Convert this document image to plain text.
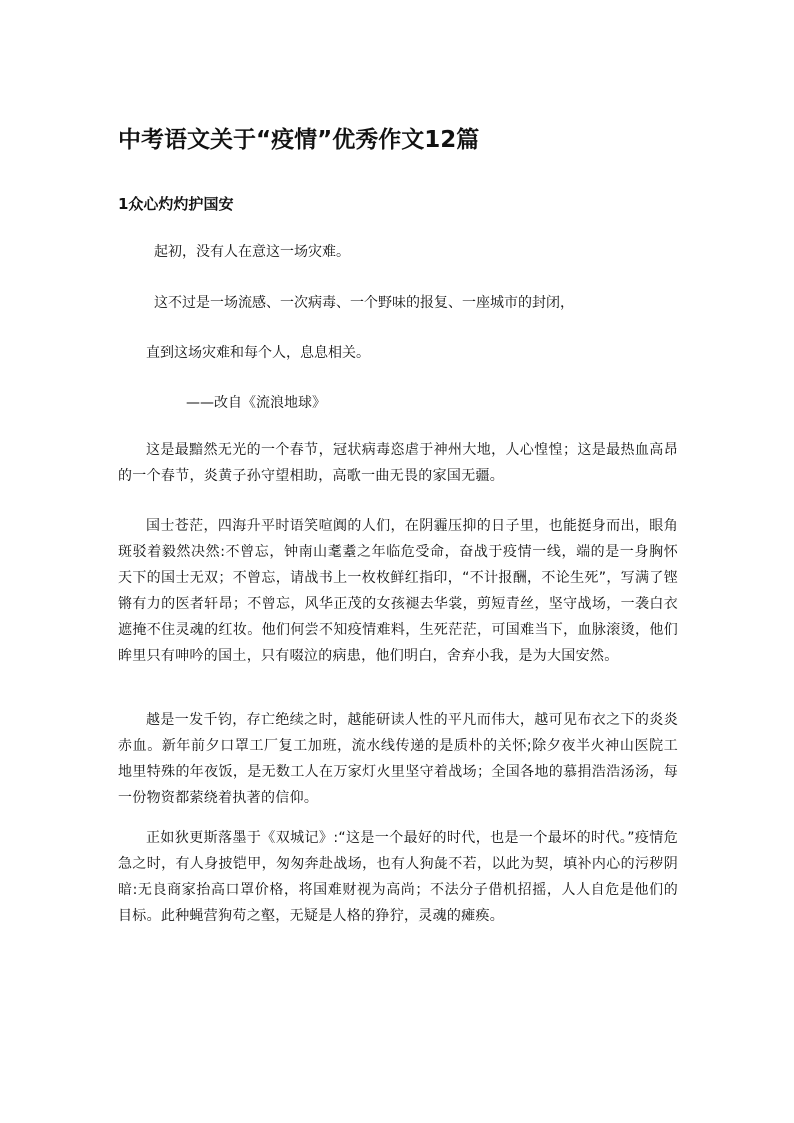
中考语文关于“疫情”优秀作文12篇
1众心灼灼护国安

起初，没有人在意这一场灾难。

这不过是一场流感、一次病毒、一个野味的报复、一座城市的封闭，

直到这场灾难和每个人，息息相关。

——改自《流浪地球》

这是最黯然无光的一个春节，冠状病毒恣虐于神州大地，人心惶惶；这是最热血高昂的一个春节，炎黄子孙守望相助，高歌一曲无畏的家国无疆。

国士苍茫，四海升平时语笑喧阗的人们，在阴霾压抑的日子里，也能挺身而出，眼角斑驳着毅然决然:不曾忘，钟南山耄耋之年临危受命，奋战于疫情一线，端的是一身胸怀天下的国士无双；不曾忘，请战书上一枚枚鲜红指印，“不计报酬，不论生死”，写满了铿锵有力的医者轩昂；不曾忘，风华正茂的女孩褪去华裳，剪短青丝，坚守战场，一袭白衣遮掩不住灵魂的红妆。他们何尝不知疫情难料，生死茫茫，可国难当下，血脉滚烫，他们眸里只有呻吟的国土，只有啜泣的病患，他们明白，舍弃小我，是为大国安然。

越是一发千钧，存亡绝续之时，越能研读人性的平凡而伟大，越可见布衣之下的炎炎赤血。新年前夕口罩工厂复工加班，流水线传递的是质朴的关怀;除夕夜半火神山医院工地里特殊的年夜饭，是无数工人在万家灯火里坚守着战场；全国各地的慕捐浩浩汤汤，每一份物资都萦绕着执著的信仰。

正如狄更斯落墨于《双城记》:“这是一个最好的时代，也是一个最坏的时代。”疫情危急之时，有人身披铠甲，匆匆奔赴战场，也有人狗彘不若，以此为契，填补内心的污秽阴暗:无良商家抬高口罩价格，将国难财视为高尚；不法分子借机招摇，人人自危是他们的目标。此种蝇营狗苟之壑，无疑是人格的狰狞，灵魂的瘫痪。
